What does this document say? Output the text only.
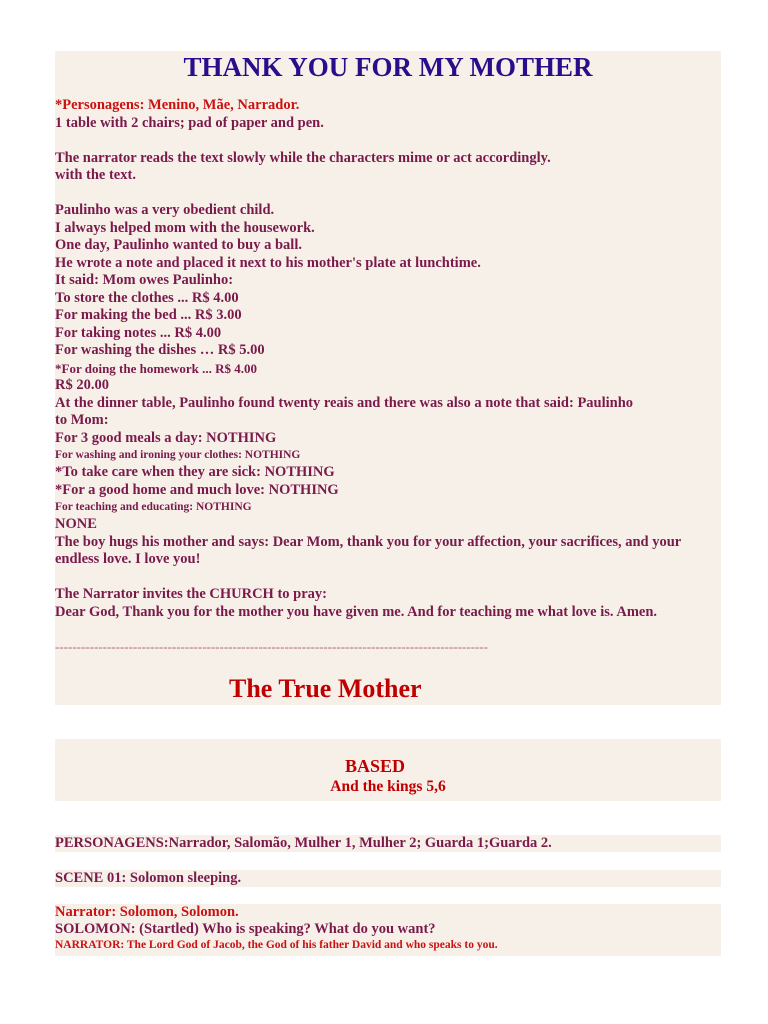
THANK YOU FOR MY MOTHER
*Personagens: Menino, Mãe, Narrador.
1 table with 2 chairs; pad of paper and pen.
The narrator reads the text slowly while the characters mime or act accordingly.
with the text.
Paulinho was a very obedient child.
I always helped mom with the housework.
One day, Paulinho wanted to buy a ball.
He wrote a note and placed it next to his mother's plate at lunchtime.
It said: Mom owes Paulinho:
To store the clothes ... R$ 4.00
For making the bed ... R$ 3.00
For taking notes ... R$ 4.00
For washing the dishes … R$ 5.00
*For doing the homework ... R$ 4.00
R$ 20.00
At the dinner table, Paulinho found twenty reais and there was also a note that said: Paulinho
to Mom:
For 3 good meals a day: NOTHING
For washing and ironing your clothes: NOTHING
*To take care when they are sick: NOTHING
*For a good home and much love: NOTHING
For teaching and educating: NOTHING
NONE
The boy hugs his mother and says: Dear Mom, thank you for your affection, your sacrifices, and your
endless love. I love you!
The Narrator invites the CHURCH to pray:
Dear God, Thank you for the mother you have given me. And for teaching me what love is. Amen.
----------------------------------------------------------------------------------------------------
The True Mother
BASED
And the kings 5,6
PERSONAGENS:Narrador, Salomão, Mulher 1, Mulher 2; Guarda 1;Guarda 2.
SCENE 01: Solomon sleeping.
Narrator: Solomon, Solomon.
SOLOMON: (Startled) Who is speaking? What do you want?
NARRATOR: The Lord God of Jacob, the God of his father David and who speaks to you.
